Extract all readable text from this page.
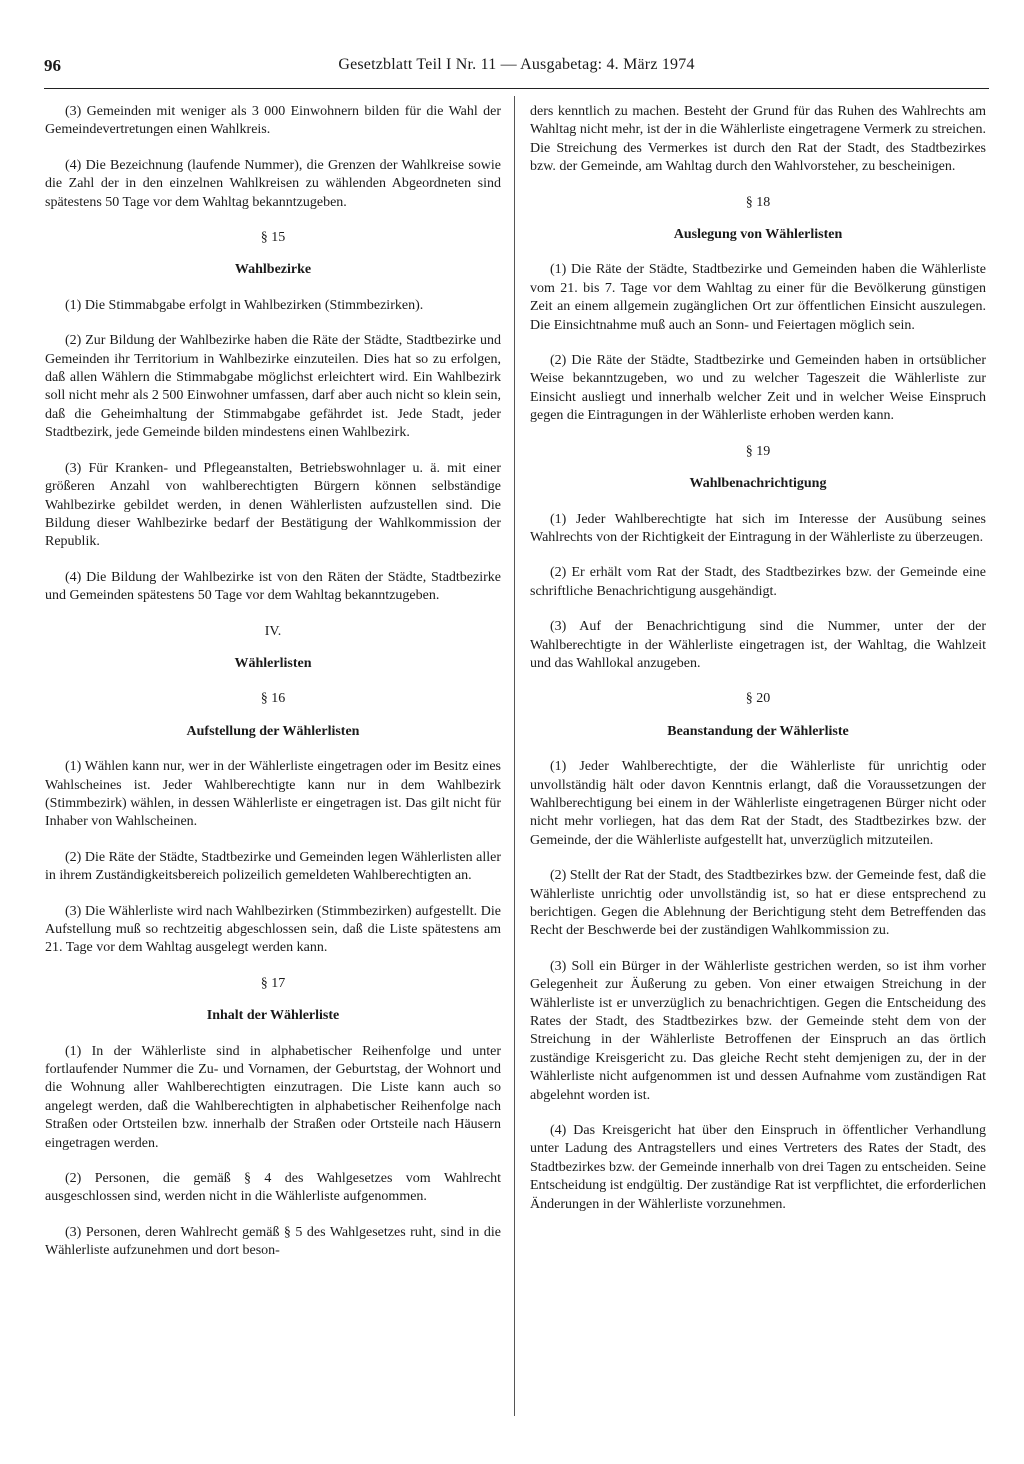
96	Gesetzblatt Teil I Nr. 11 — Ausgabetag: 4. März 1974

(3) Gemeinden mit weniger als 3 000 Einwohnern bilden für die Wahl der Gemeindevertretungen einen Wahlkreis.

(4) Die Bezeichnung (laufende Nummer), die Grenzen der Wahlkreise sowie die Zahl der in den einzelnen Wahlkreisen zu wählenden Abgeordneten sind spätestens 50 Tage vor dem Wahltag bekanntzugeben.

§ 15
Wahlbezirke

(1) Die Stimmabgabe erfolgt in Wahlbezirken (Stimmbezirken).

(2) Zur Bildung der Wahlbezirke haben die Räte der Städte, Stadtbezirke und Gemeinden ihr Territorium in Wahlbezirke einzuteilen. Dies hat so zu erfolgen, daß allen Wählern die Stimmabgabe möglichst erleichtert wird. Ein Wahlbezirk soll nicht mehr als 2 500 Einwohner umfassen, darf aber auch nicht so klein sein, daß die Geheimhaltung der Stimmabgabe gefährdet ist. Jede Stadt, jeder Stadtbezirk, jede Gemeinde bilden mindestens einen Wahlbezirk.

(3) Für Kranken- und Pflegeanstalten, Betriebswohnlager u. ä. mit einer größeren Anzahl von wahlberechtigten Bürgern können selbständige Wahlbezirke gebildet werden, in denen Wählerlisten aufzustellen sind. Die Bildung dieser Wahlbezirke bedarf der Bestätigung der Wahlkommission der Republik.

(4) Die Bildung der Wahlbezirke ist von den Räten der Städte, Stadtbezirke und Gemeinden spätestens 50 Tage vor dem Wahltag bekanntzugeben.

IV.
Wählerlisten
§ 16
Aufstellung der Wählerlisten

(1) Wählen kann nur, wer in der Wählerliste eingetragen oder im Besitz eines Wahlscheines ist. Jeder Wahlberechtigte kann nur in dem Wahlbezirk (Stimmbezirk) wählen, in dessen Wählerliste er eingetragen ist. Das gilt nicht für Inhaber von Wahlscheinen.

(2) Die Räte der Städte, Stadtbezirke und Gemeinden legen Wählerlisten aller in ihrem Zuständigkeitsbereich polizeilich gemeldeten Wahlberechtigten an.

(3) Die Wählerliste wird nach Wahlbezirken (Stimmbezirken) aufgestellt. Die Aufstellung muß so rechtzeitig abgeschlossen sein, daß die Liste spätestens am 21. Tage vor dem Wahltag ausgelegt werden kann.

§ 17
Inhalt der Wählerliste

(1) In der Wählerliste sind in alphabetischer Reihenfolge und unter fortlaufender Nummer die Zu- und Vornamen, der Geburtstag, der Wohnort und die Wohnung aller Wahlberechtigten einzutragen. Die Liste kann auch so angelegt werden, daß die Wahlberechtigten in alphabetischer Reihenfolge nach Straßen oder Ortsteilen bzw. innerhalb der Straßen oder Ortsteile nach Häusern eingetragen werden.

(2) Personen, die gemäß § 4 des Wahlgesetzes vom Wahlrecht ausgeschlossen sind, werden nicht in die Wählerliste aufgenommen.

(3) Personen, deren Wahlrecht gemäß § 5 des Wahlgesetzes ruht, sind in die Wählerliste aufzunehmen und dort beson-

ders kenntlich zu machen. Besteht der Grund für das Ruhen des Wahlrechts am Wahltag nicht mehr, ist der in die Wählerliste eingetragene Vermerk zu streichen. Die Streichung des Vermerkes ist durch den Rat der Stadt, des Stadtbezirkes bzw. der Gemeinde, am Wahltag durch den Wahlvorsteher, zu bescheinigen.

§ 18
Auslegung von Wählerlisten

(1) Die Räte der Städte, Stadtbezirke und Gemeinden haben die Wählerliste vom 21. bis 7. Tage vor dem Wahltag zu einer für die Bevölkerung günstigen Zeit an einem allgemein zugänglichen Ort zur öffentlichen Einsicht auszulegen. Die Einsichtnahme muß auch an Sonn- und Feiertagen möglich sein.

(2) Die Räte der Städte, Stadtbezirke und Gemeinden haben in ortsüblicher Weise bekanntzugeben, wo und zu welcher Tageszeit die Wählerliste zur Einsicht ausliegt und innerhalb welcher Zeit und in welcher Weise Einspruch gegen die Eintragungen in der Wählerliste erhoben werden kann.

§ 19
Wahlbenachrichtigung

(1) Jeder Wahlberechtigte hat sich im Interesse der Ausübung seines Wahlrechts von der Richtigkeit der Eintragung in der Wählerliste zu überzeugen.

(2) Er erhält vom Rat der Stadt, des Stadtbezirkes bzw. der Gemeinde eine schriftliche Benachrichtigung ausgehändigt.

(3) Auf der Benachrichtigung sind die Nummer, unter der der Wahlberechtigte in der Wählerliste eingetragen ist, der Wahltag, die Wahlzeit und das Wahllokal anzugeben.

§ 20
Beanstandung der Wählerliste

(1) Jeder Wahlberechtigte, der die Wählerliste für unrichtig oder unvollständig hält oder davon Kenntnis erlangt, daß die Voraussetzungen der Wahlberechtigung bei einem in der Wählerliste eingetragenen Bürger nicht oder nicht mehr vorliegen, hat das dem Rat der Stadt, des Stadtbezirkes bzw. der Gemeinde, der die Wählerliste aufgestellt hat, unverzüglich mitzuteilen.

(2) Stellt der Rat der Stadt, des Stadtbezirkes bzw. der Gemeinde fest, daß die Wählerliste unrichtig oder unvollständig ist, so hat er diese entsprechend zu berichtigen. Gegen die Ablehnung der Berichtigung steht dem Betreffenden das Recht der Beschwerde bei der zuständigen Wahlkommission zu.

(3) Soll ein Bürger in der Wählerliste gestrichen werden, so ist ihm vorher Gelegenheit zur Äußerung zu geben. Von einer etwaigen Streichung in der Wählerliste ist er unverzüglich zu benachrichtigen. Gegen die Entscheidung des Rates der Stadt, des Stadtbezirkes bzw. der Gemeinde steht dem von der Streichung in der Wählerliste Betroffenen der Einspruch an das örtlich zuständige Kreisgericht zu. Das gleiche Recht steht demjenigen zu, der in der Wählerliste nicht aufgenommen ist und dessen Aufnahme vom zuständigen Rat abgelehnt worden ist.

(4) Das Kreisgericht hat über den Einspruch in öffentlicher Verhandlung unter Ladung des Antragstellers und eines Vertreters des Rates der Stadt, des Stadtbezirkes bzw. der Gemeinde innerhalb von drei Tagen zu entscheiden. Seine Entscheidung ist endgültig. Der zuständige Rat ist verpflichtet, die erforderlichen Änderungen in der Wählerliste vorzunehmen.
